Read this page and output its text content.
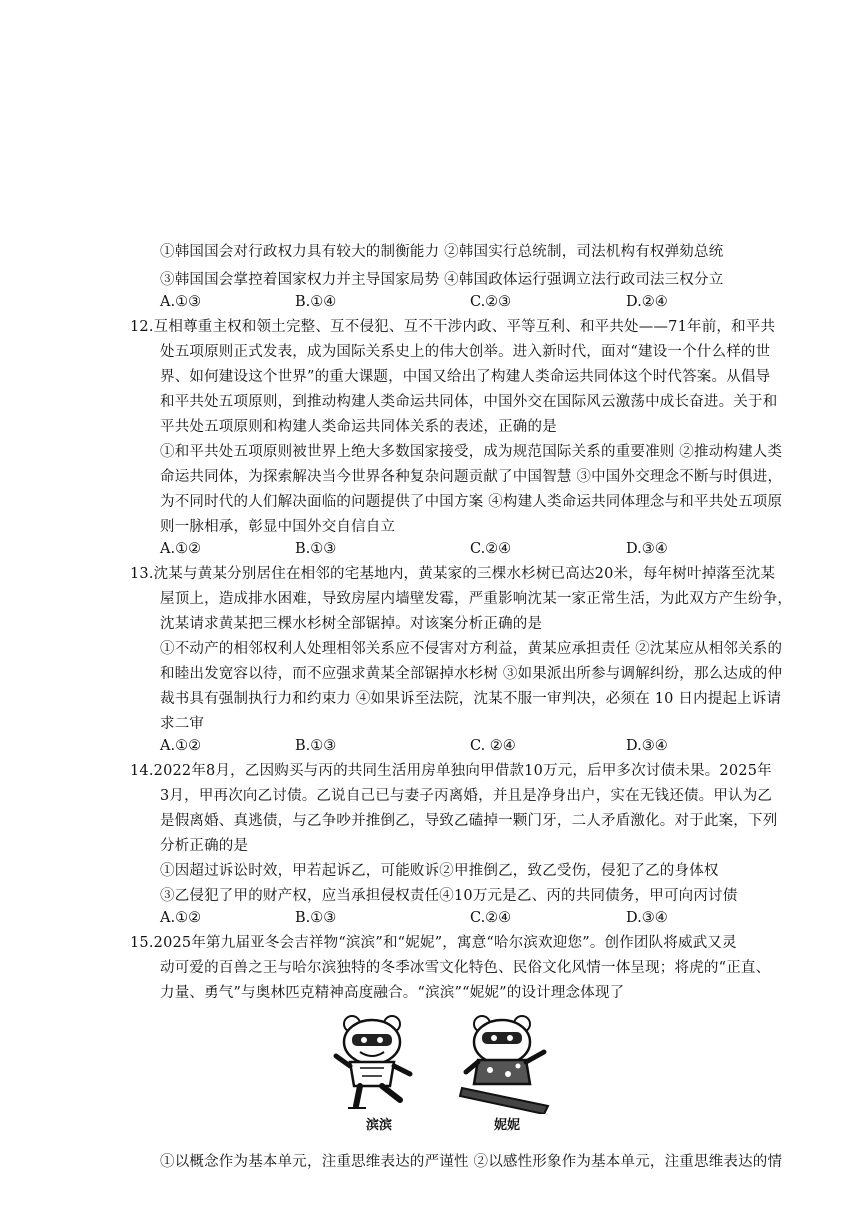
①韩国国会对行政权力具有较大的制衡能力 ②韩国实行总统制，司法机构有权弹劾总统
③韩国国会掌控着国家权力并主导国家局势 ④韩国政体运行强调立法行政司法三权分立
A.①③	B.①④	C.②③	D.②④
12.互相尊重主权和领土完整、互不侵犯、互不干涉内政、平等互利、和平共处——71年前，和平共
处五项原则正式发表，成为国际关系史上的伟大创举。进入新时代，面对“建设一个什么样的世
界、如何建设这个世界”的重大课题，中国又给出了构建人类命运共同体这个时代答案。从倡导
和平共处五项原则，到推动构建人类命运共同体，中国外交在国际风云激荡中成长奋进。关于和
平共处五项原则和构建人类命运共同体关系的表述，正确的是
①和平共处五项原则被世界上绝大多数国家接受，成为规范国际关系的重要准则 ②推动构建人类
命运共同体，为探索解决当今世界各种复杂问题贡献了中国智慧 ③中国外交理念不断与时俱进，
为不同时代的人们解决面临的问题提供了中国方案 ④构建人类命运共同体理念与和平共处五项原
则一脉相承，彰显中国外交自信自立
A.①②	B.①③	C.②④	D.③④
13.沈某与黄某分别居住在相邻的宅基地内，黄某家的三棵水杉树已高达20米，每年树叶掉落至沈某
屋顶上，造成排水困难，导致房屋内墙壁发霉，严重影响沈某一家正常生活，为此双方产生纷争，
沈某请求黄某把三棵水杉树全部锯掉。对该案分析正确的是
①不动产的相邻权利人处理相邻关系应不侵害对方利益，黄某应承担责任 ②沈某应从相邻关系的
和睦出发宽容以待，而不应强求黄某全部锯掉水杉树 ③如果派出所参与调解纠纷，那么达成的仲
裁书具有强制执行力和约束力 ④如果诉至法院，沈某不服一审判决，必须在 10 日内提起上诉请
求二审
A.①②	B.①③	C. ②④	D.③④
14.2022年8月，乙因购买与丙的共同生活用房单独向甲借款10万元，后甲多次讨债未果。2025年
3月，甲再次向乙讨债。乙说自己已与妻子丙离婚，并且是净身出户，实在无钱还债。甲认为乙
是假离婚、真逃债，与乙争吵并推倒乙，导致乙磕掉一颗门牙，二人矛盾激化。对于此案，下列
分析正确的是
①因超过诉讼时效，甲若起诉乙，可能败诉②甲推倒乙，致乙受伤，侵犯了乙的身体权
③乙侵犯了甲的财产权，应当承担侵权责任④10万元是乙、丙的共同债务，甲可向丙讨债
A.①②	B.①③	C.②④	D.③④
15.2025年第九届亚冬会吉祥物“滨滨”和“妮妮”，寓意“哈尔滨欢迎您”。创作团队将威武又灵
动可爱的百兽之王与哈尔滨独特的冬季冰雪文化特色、民俗文化风情一体呈现；将虎的“正直、
力量、勇气”与奥林匹克精神高度融合。“滨滨”“妮妮”的设计理念体现了
滨滨	妮妮
①以概念作为基本单元，注重思维表达的严谨性 ②以感性形象作为基本单元，注重思维表达的情
